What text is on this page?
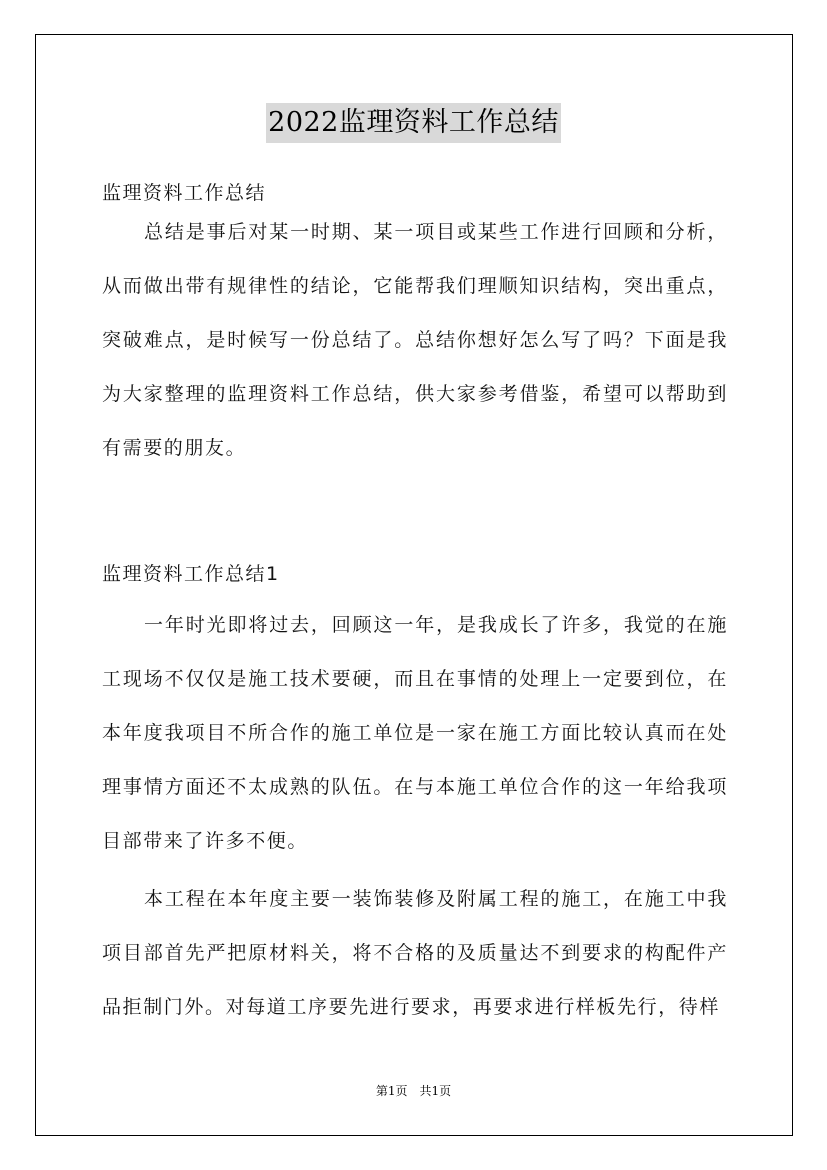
2022监理资料工作总结
监理资料工作总结

总结是事后对某一时期、某一项目或某些工作进行回顾和分析，从而做出带有规律性的结论，它能帮我们理顺知识结构，突出重点，突破难点，是时候写一份总结了。总结你想好怎么写了吗？下面是我为大家整理的监理资料工作总结，供大家参考借鉴，希望可以帮助到有需要的朋友。

监理资料工作总结1

一年时光即将过去，回顾这一年，是我成长了许多，我觉的在施工现场不仅仅是施工技术要硬，而且在事情的处理上一定要到位，在本年度我项目不所合作的施工单位是一家在施工方面比较认真而在处理事情方面还不太成熟的队伍。在与本施工单位合作的这一年给我项目部带来了许多不便。

本工程在本年度主要一装饰装修及附属工程的施工，在施工中我项目部首先严把原材料关，将不合格的及质量达不到要求的构配件产品拒制门外。对每道工序要先进行要求，再要求进行样板先行，待样

第1页　共1页
